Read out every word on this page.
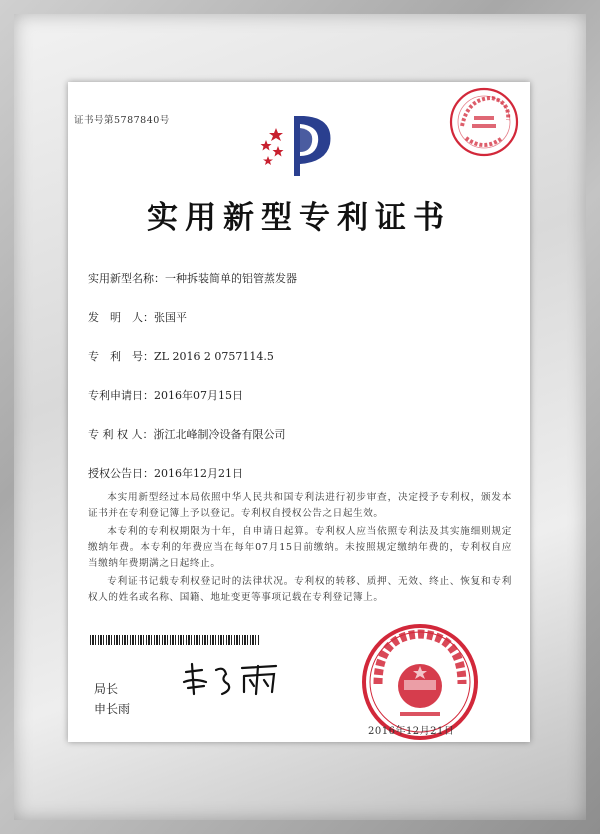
证书号第5787840号
实用新型专利证书
实用新型名称：一种拆装简单的铝管蒸发器
发　明　人：张国平
专　利　号：ZL 2016 2 0757114.5
专利申请日：2016年07月15日
专 利 权 人：浙江北峰制冷设备有限公司
授权公告日：2016年12月21日
本实用新型经过本局依照中华人民共和国专利法进行初步审查，决定授予专利权，颁发本证书并在专利登记簿上予以登记。专利权自授权公告之日起生效。
本专利的专利权期限为十年，自申请日起算。专利权人应当依照专利法及其实施细则规定缴纳年费。本专利的年费应当在每年07月15日前缴纳。未按照规定缴纳年费的，专利权自应当缴纳年费期满之日起终止。
专利证书记载专利权登记时的法律状况。专利权的转移、质押、无效、终止、恢复和专利权人的姓名或名称、国籍、地址变更等事项记载在专利登记簿上。
局长
申长雨
2016年12月21日
